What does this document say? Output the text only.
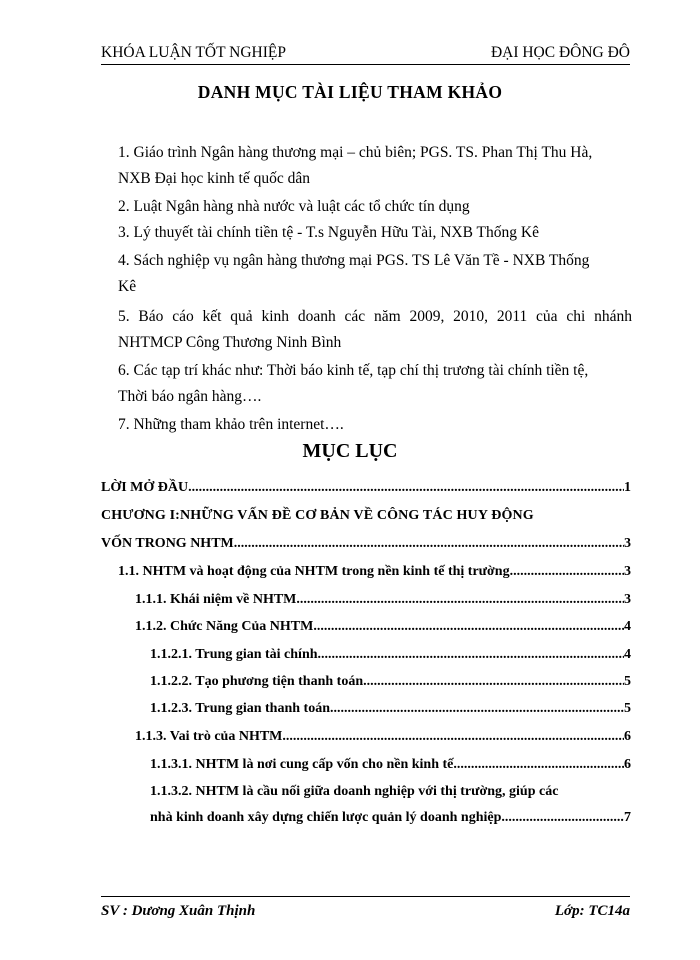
KHÓA LUẬN TỐT NGHIỆP	ĐẠI HỌC ĐÔNG ĐÔ
DANH MỤC TÀI LIỆU THAM KHẢO
1. Giáo trình Ngân hàng thương mại – chủ biên; PGS. TS. Phan Thị Thu Hà,
NXB Đại học kinh tế quốc dân
2. Luật Ngân hàng nhà nước và luật các tổ chức tín dụng
3. Lý thuyết tài chính tiền tệ - T.s Nguyễn Hữu Tài, NXB Thống Kê
4. Sách nghiệp vụ ngân hàng thương mại PGS. TS Lê Văn Tề - NXB Thống
Kê
5. Báo cáo kết quả kinh doanh các năm 2009, 2010, 2011 của chi nhánh
NHTMCP Công Thương Ninh Bình
6. Các tạp trí khác như: Thời báo kinh tế, tạp chí thị trương tài chính tiền tệ,
Thời báo ngân hàng….
7. Những tham khảo trên internet….
MỤC LỤC
LỜI MỞ ĐẦU .....	1
CHƯƠNG I:NHỮNG VẤN ĐỀ CƠ BẢN VỀ CÔNG TÁC HUY ĐỘNG
VỐN TRONG NHTM .....	3
1.1. NHTM và hoạt động của NHTM trong nền kinh tế thị trường .....	3
1.1.1. Khái niệm về NHTM .....	3
1.1.2. Chức Năng Của NHTM .....	4
1.1.2.1. Trung gian tài chính .....	4
1.1.2.2. Tạo phương tiện thanh toán .....	5
1.1.2.3. Trung gian thanh toán .....	5
1.1.3. Vai trò của NHTM .....	6
1.1.3.1. NHTM là nơi cung cấp vốn cho nền kinh tế .....	6
1.1.3.2. NHTM là cầu nối giữa doanh nghiệp với thị trường, giúp các
nhà kinh doanh xây dựng chiến lược quản lý doanh nghiệp .....	7
SV : Dương Xuân Thịnh	Lớp: TC14a
